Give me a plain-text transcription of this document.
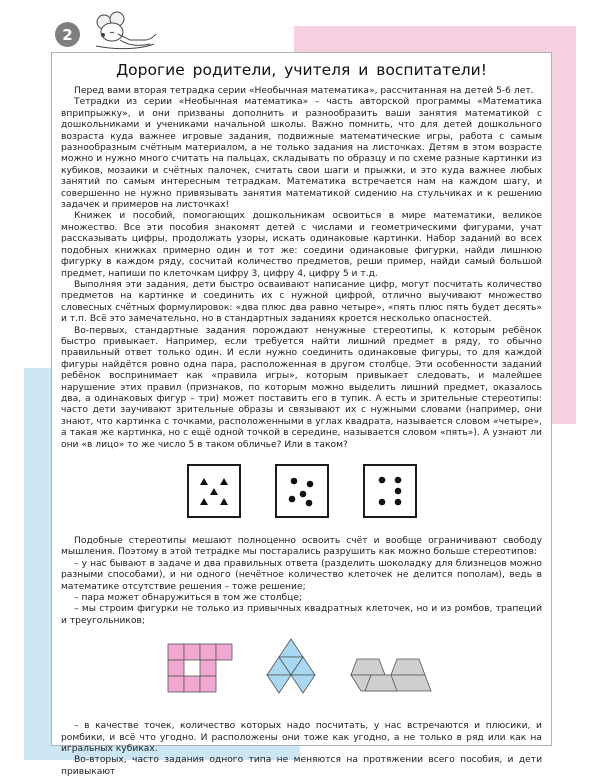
2
Дорогие родители, учителя и воспитатели!

Перед вами вторая тетрадка серии «Необычная математика», рассчитанная на детей 5-6 лет.

Тетрадки из серии «Необычная математика» – часть авторской программы «Математика вприпрыжку», и они призваны дополнить и разнообразить ваши занятия математикой с дошкольниками и учениками начальной школы. Важно помнить, что для детей дошкольного возраста куда важнее игровые задания, подвижные математические игры, работа с самым разнообразным счётным материалом, а не только задания на листочках. Детям в этом возрасте можно и нужно много считать на пальцах, складывать по образцу и по схеме разные картинки из кубиков, мозаики и счётных палочек, считать свои шаги и прыжки, и это куда важнее любых занятий по самым интересным тетрадкам. Математика встречается нам на каждом шагу, и совершенно не нужно привязывать занятия математикой сидению на стульчиках и к решению задачек и примеров на листочках!

Книжек и пособий, помогающих дошкольникам освоиться в мире математики, великое множество. Все эти пособия знакомят детей с числами и геометрическими фигурами, учат рассказывать цифры, продолжать узоры, искать одинаковые картинки. Набор заданий во всех подобных книжках примерно один и тот же: соедини одинаковые фигурки, найди лишнюю фигурку в каждом ряду, сосчитай количество предметов, реши пример, найди самый большой предмет, напиши по клеточкам цифру 3, цифру 4, цифру 5 и т.д.

Выполняя эти задания, дети быстро осваивают написание цифр, могут посчитать количество предметов на картинке и соединить их с нужной цифрой, отлично выучивают множество словесных счётных формулировок: «два плюс два равно четыре», «пять плюс пять будет десять» и т.п. Всё это замечательно, но в стандартных заданиях кроется несколько опасностей.

Во-первых, стандартные задания порождают ненужные стереотипы, к которым ребёнок быстро привыкает. Например, если требуется найти лишний предмет в ряду, то обычно правильный ответ только один. И если нужно соединить одинаковые фигуры, то для каждой фигуры найдётся ровно одна пара, расположенная в другом столбце. Эти особенности заданий ребёнок воспринимает как «правила игры», которым привыкает следовать, и малейшее нарушение этих правил (признаков, по которым можно выделить лишний предмет, оказалось два, а одинаковых фигур – три) может поставить его в тупик. А есть и зрительные стереотипы: часто дети заучивают зрительные образы и связывают их с нужными словами (например, они знают, что картинка с точками, расположенными в углах квадрата, называется словом «четыре», а такая же картинка, но с ещё одной точкой в середине, называется словом «пять»). А узнают ли они «в лицо» то же число 5 в таком обличье? Или в таком?

Подобные стереотипы мешают полноценно освоить счёт и вообще ограничивают свободу мышления. Поэтому в этой тетрадке мы постарались разрушить как можно больше стереотипов:

– у нас бывают в задаче и два правильных ответа (разделить шоколадку для близнецов можно разными способами), и ни одного (нечётное количество клеточек не делится пополам), ведь в математике отсутствие решения – тоже решение;

– пара может обнаружиться в том же столбце;

– мы строим фигурки не только из привычных квадратных клеточек, но и из ромбов, трапеций и треугольников;

– в качестве точек, количество которых надо посчитать, у нас встречаются и плюсики, и ромбики, и всё что угодно. И расположены они тоже как угодно, а не только в ряд или как на игральных кубиках.

Во-вторых, часто задания одного типа не меняются на протяжении всего пособия, и дети привыкают
